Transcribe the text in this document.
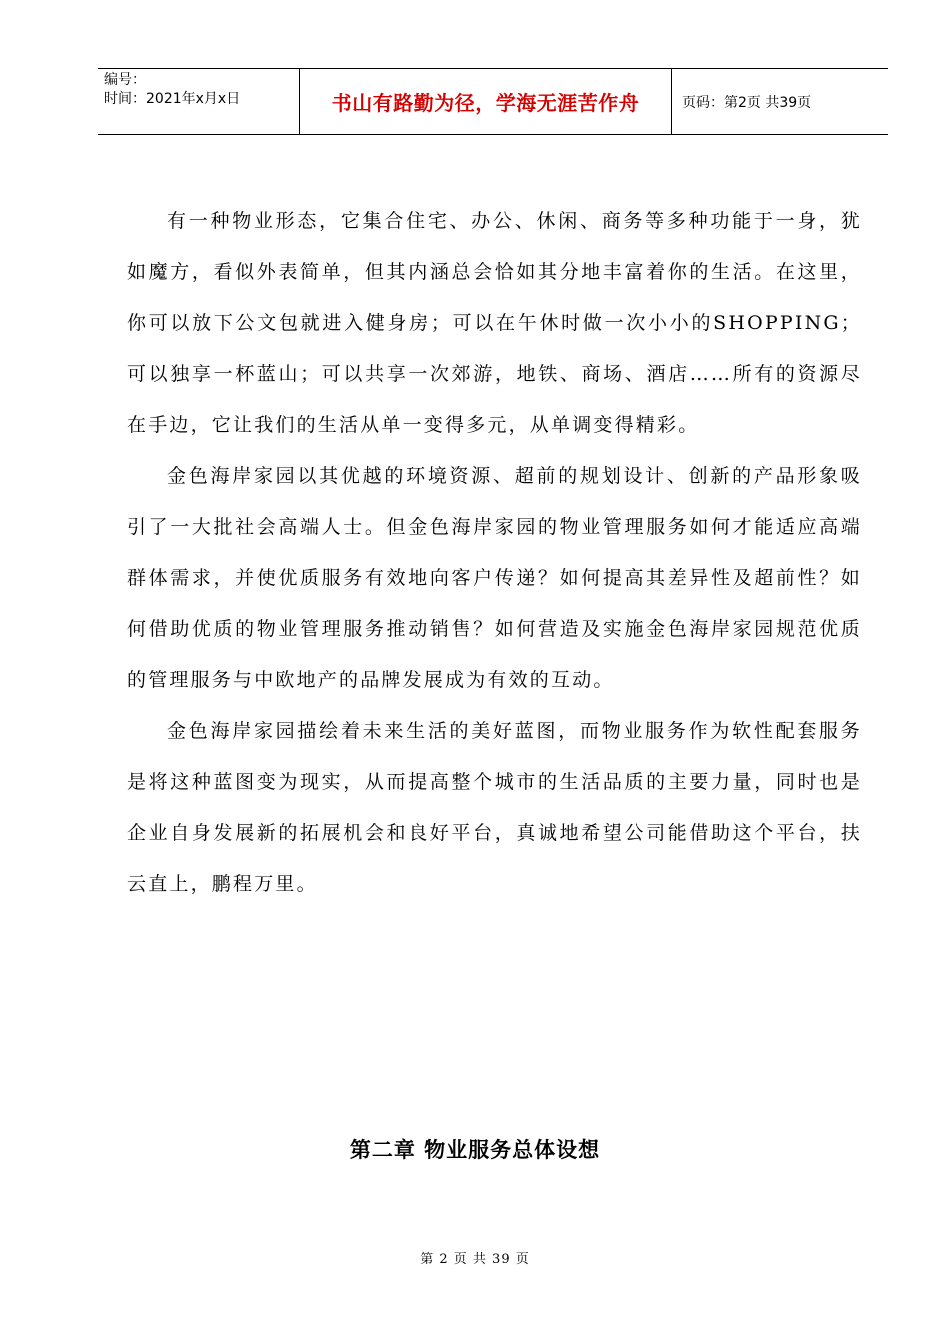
编号：
时间：2021年x月x日	书山有路勤为径，学海无涯苦作舟	页码：第2页 共39页

有一种物业形态，它集合住宅、办公、休闲、商务等多种功能于一身，犹如魔方，看似外表简单，但其内涵总会恰如其分地丰富着你的生活。在这里，你可以放下公文包就进入健身房；可以在午休时做一次小小的SHOPPING；可以独享一杯蓝山；可以共享一次郊游，地铁、商场、酒店……所有的资源尽在手边，它让我们的生活从单一变得多元，从单调变得精彩。

金色海岸家园以其优越的环境资源、超前的规划设计、创新的产品形象吸引了一大批社会高端人士。但金色海岸家园的物业管理服务如何才能适应高端群体需求，并使优质服务有效地向客户传递？如何提高其差异性及超前性？如何借助优质的物业管理服务推动销售？如何营造及实施金色海岸家园规范优质的管理服务与中欧地产的品牌发展成为有效的互动。

金色海岸家园描绘着未来生活的美好蓝图，而物业服务作为软性配套服务是将这种蓝图变为现实，从而提高整个城市的生活品质的主要力量，同时也是企业自身发展新的拓展机会和良好平台，真诚地希望公司能借助这个平台，扶云直上，鹏程万里。

第二章 物业服务总体设想
第 2 页 共 39 页
